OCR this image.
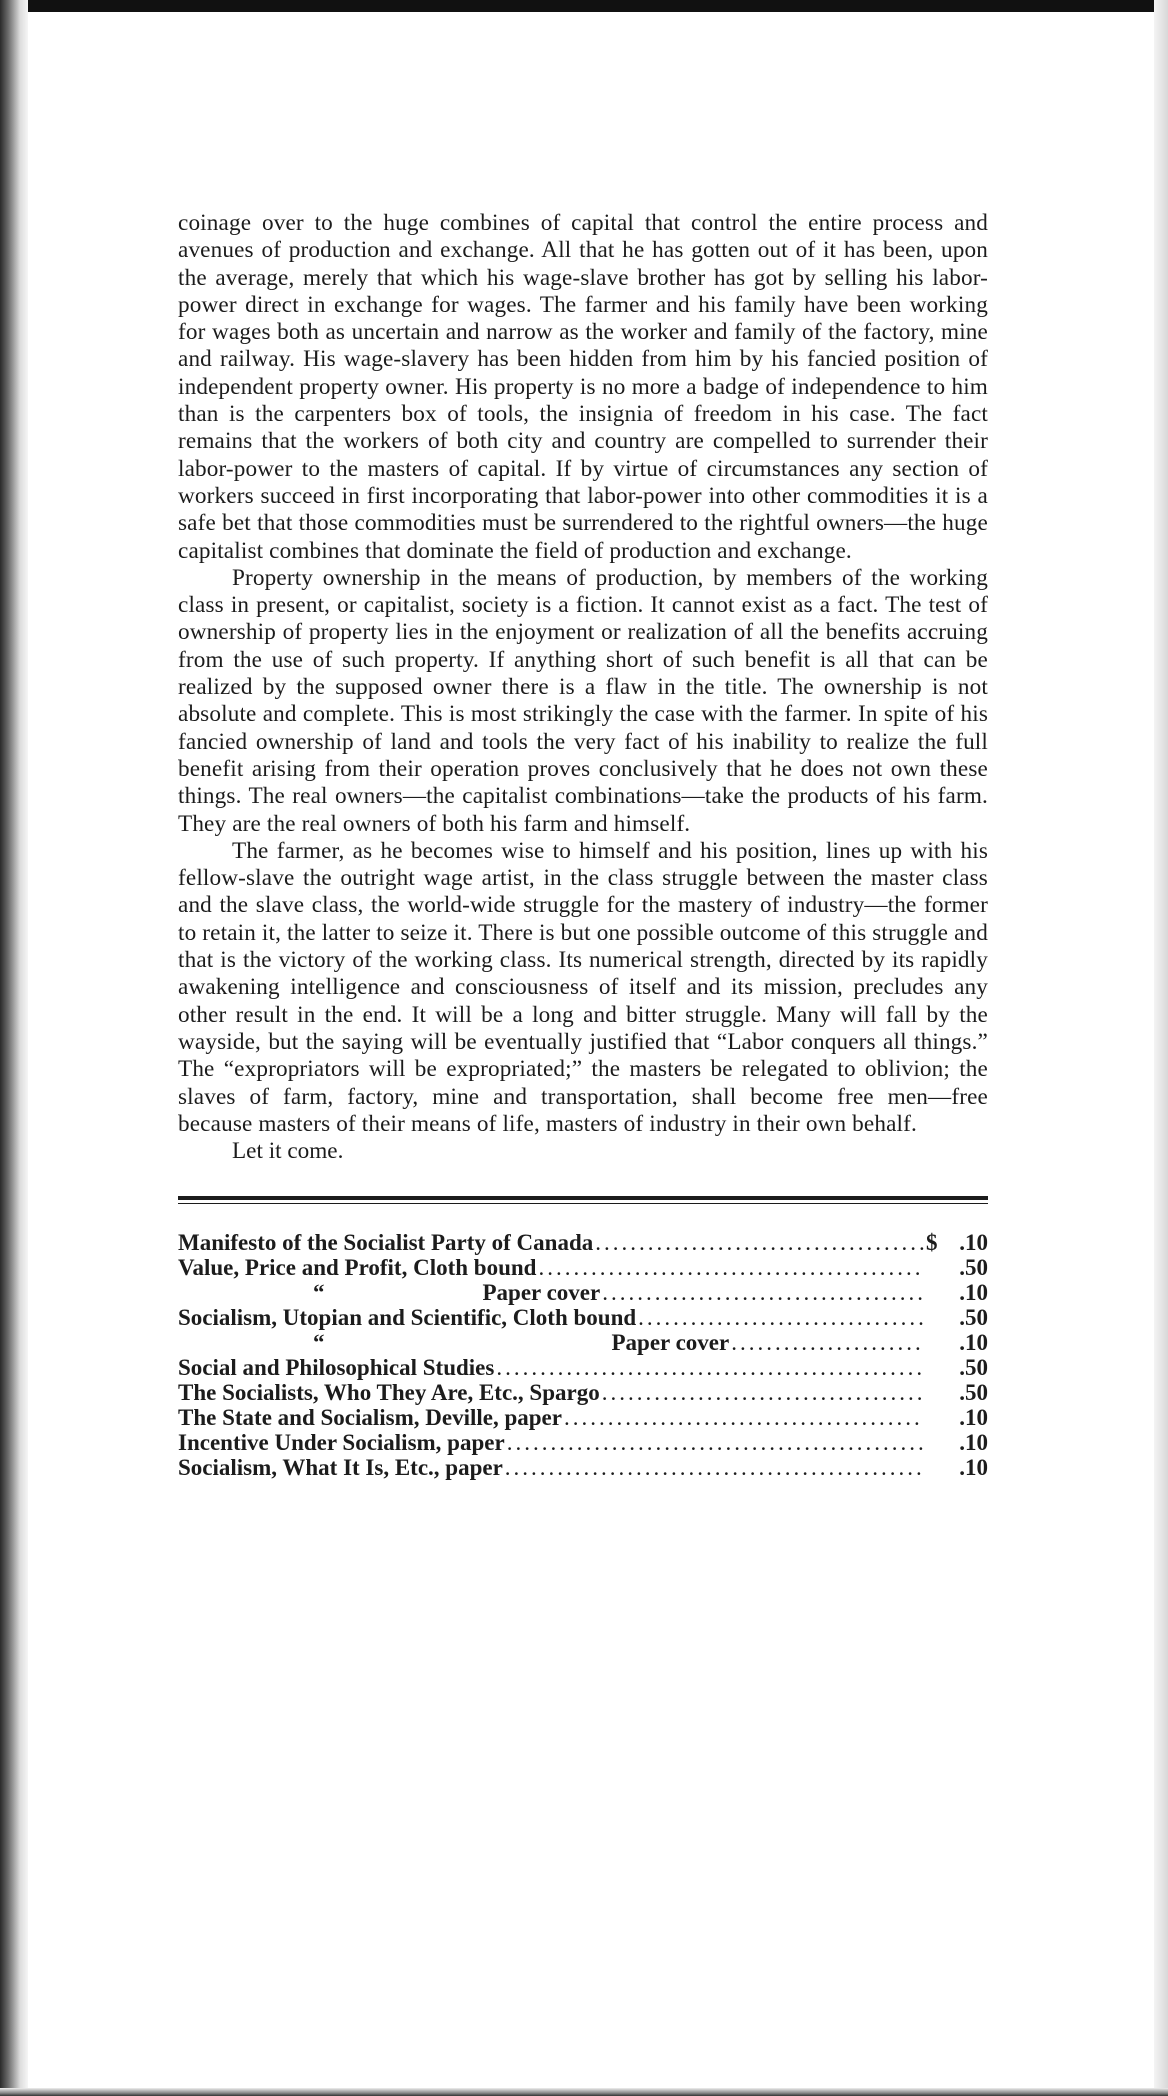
coinage over to the huge combines of capital that control the entire process and avenues of production and exchange. All that he has gotten out of it has been, upon the average, merely that which his wage-slave brother has got by selling his labor-power direct in exchange for wages. The farmer and his family have been working for wages both as uncertain and narrow as the worker and family of the factory, mine and railway. His wage-slavery has been hidden from him by his fancied position of independent property owner. His property is no more a badge of independence to him than is the carpenters box of tools, the insignia of freedom in his case. The fact remains that the workers of both city and country are compelled to surrender their labor-power to the masters of capital. If by virtue of circumstances any section of workers succeed in first incorporating that labor-power into other commodities it is a safe bet that those commodities must be surrendered to the rightful owners—the huge capitalist combines that dominate the field of production and exchange.

Property ownership in the means of production, by members of the working class in present, or capitalist, society is a fiction. It cannot exist as a fact. The test of ownership of property lies in the enjoyment or realization of all the benefits accruing from the use of such property. If anything short of such benefit is all that can be realized by the supposed owner there is a flaw in the title. The ownership is not absolute and complete. This is most strikingly the case with the farmer. In spite of his fancied ownership of land and tools the very fact of his inability to realize the full benefit arising from their operation proves conclusively that he does not own these things. The real owners—the capitalist combinations—take the products of his farm. They are the real owners of both his farm and himself.

The farmer, as he becomes wise to himself and his position, lines up with his fellow-slave the outright wage artist, in the class struggle between the master class and the slave class, the world-wide struggle for the mastery of industry—the former to retain it, the latter to seize it. There is but one possible outcome of this struggle and that is the victory of the working class. Its numerical strength, directed by its rapidly awakening intelligence and consciousness of itself and its mission, precludes any other result in the end. It will be a long and bitter struggle. Many will fall by the wayside, but the saying will be eventually justified that “Labor conquers all things.” The “expropriators will be expropriated;” the masters be relegated to oblivion; the slaves of farm, factory, mine and transportation, shall become free men—free because masters of their means of life, masters of industry in their own behalf.

Let it come.

Manifesto of the Socialist Party of Canada .....	$ .10
Value, Price and Profit, Cloth bound .....	.50
“	Paper cover .....	.10
Socialism, Utopian and Scientific, Cloth bound .....	.50
“	Paper cover .....	.10
Social and Philosophical Studies .....	.50
The Socialists, Who They Are, Etc., Spargo .....	.50
The State and Socialism, Deville, paper .....	.10
Incentive Under Socialism, paper .....	.10
Socialism, What It Is, Etc., paper .....	.10
